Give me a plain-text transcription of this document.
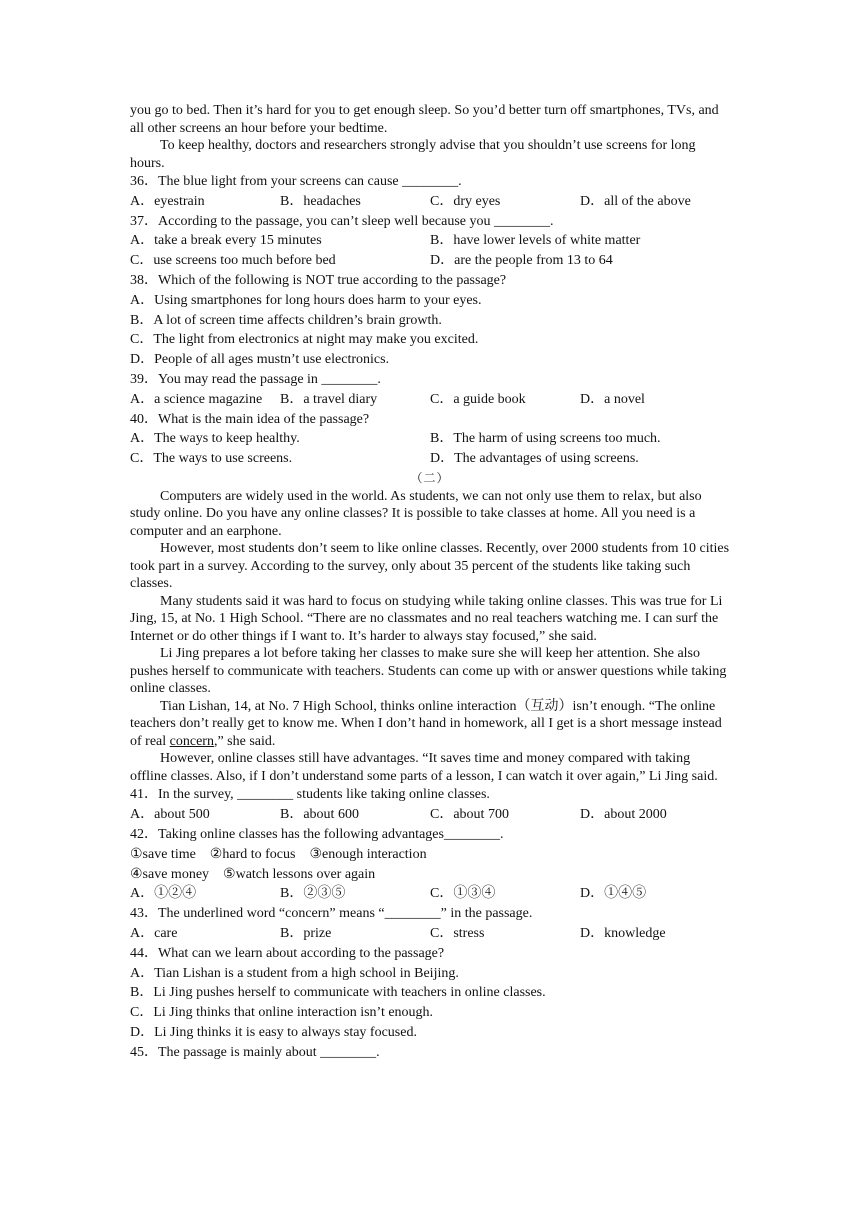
you go to bed. Then it’s hard for you to get enough sleep. So you’d better turn off smartphones, TVs, and all other screens an hour before your bedtime.

To keep healthy, doctors and researchers strongly advise that you shouldn’t use screens for long hours.

36．The blue light from your screens can cause ________.
A．eyestrain	B．headaches	C．dry eyes	D．all of the above
37．According to the passage, you can’t sleep well because you ________.
A．take a break every 15 minutes	B．have lower levels of white matter
C．use screens too much before bed	D．are the people from 13 to 64
38．Which of the following is NOT true according to the passage?
A．Using smartphones for long hours does harm to your eyes.
B．A lot of screen time affects children’s brain growth.
C．The light from electronics at night may make you excited.
D．People of all ages mustn’t use electronics.
39．You may read the passage in ________.
A．a science magazine B．a travel diary	C．a guide book	D．a novel
40．What is the main idea of the passage?
A．The ways to keep healthy.	B．The harm of using screens too much.
C．The ways to use screens.	D．The advantages of using screens.
（二）

Computers are widely used in the world. As students, we can not only use them to relax, but also study online. Do you have any online classes? It is possible to take classes at home. All you need is a computer and an earphone.

However, most students don’t seem to like online classes. Recently, over 2000 students from 10 cities took part in a survey. According to the survey, only about 35 percent of the students like taking such classes.

Many students said it was hard to focus on studying while taking online classes. This was true for Li Jing, 15, at No. 1 High School. “There are no classmates and no real teachers watching me. I can surf the Internet or do other things if I want to. It’s harder to always stay focused,” she said.

Li Jing prepares a lot before taking her classes to make sure she will keep her attention. She also pushes herself to communicate with teachers. Students can come up with or answer questions while taking online classes.

Tian Lishan, 14, at No. 7 High School, thinks online interaction（互动）isn’t enough. “The online teachers don’t really get to know me. When I don’t hand in homework, all I get is a short message instead of real concern,” she said.

However, online classes still have advantages. “It saves time and money compared with taking offline classes. Also, if I don’t understand some parts of a lesson, I can watch it over again,” Li Jing said.

41．In the survey, ________ students like taking online classes.
A．about 500	B．about 600	C．about 700	D．about 2000
42．Taking online classes has the following advantages________.
①save time　②hard to focus　③enough interaction
④save money　⑤watch lessons over again
A．①②④	B．②③⑤	C．①③④	D．①④⑤
43．The underlined word “concern” means “________” in the passage.
A．care	B．prize	C．stress	D．knowledge
44．What can we learn about according to the passage?
A．Tian Lishan is a student from a high school in Beijing.
B．Li Jing pushes herself to communicate with teachers in online classes.
C．Li Jing thinks that online interaction isn’t enough.
D．Li Jing thinks it is easy to always stay focused.
45．The passage is mainly about ________.
